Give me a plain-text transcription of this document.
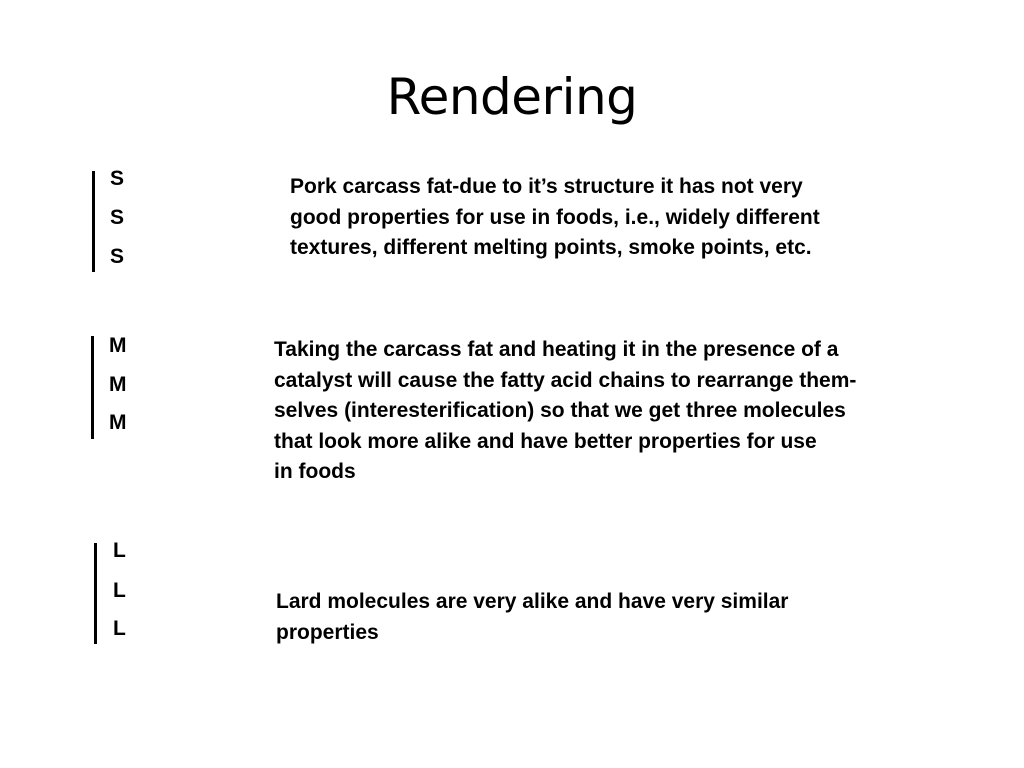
Rendering
S
S
S
Pork carcass fat-due to it’s structure it has not very
good properties for use in foods, i.e., widely different
textures, different melting points, smoke points, etc.
M
M
M
Taking the carcass fat and heating it in the presence of a
catalyst will cause the fatty acid chains to rearrange them-
selves (interesterification) so that we get three molecules
that look more alike and have better properties for use
in foods
L
L
L
Lard molecules are very alike and have very similar
properties
